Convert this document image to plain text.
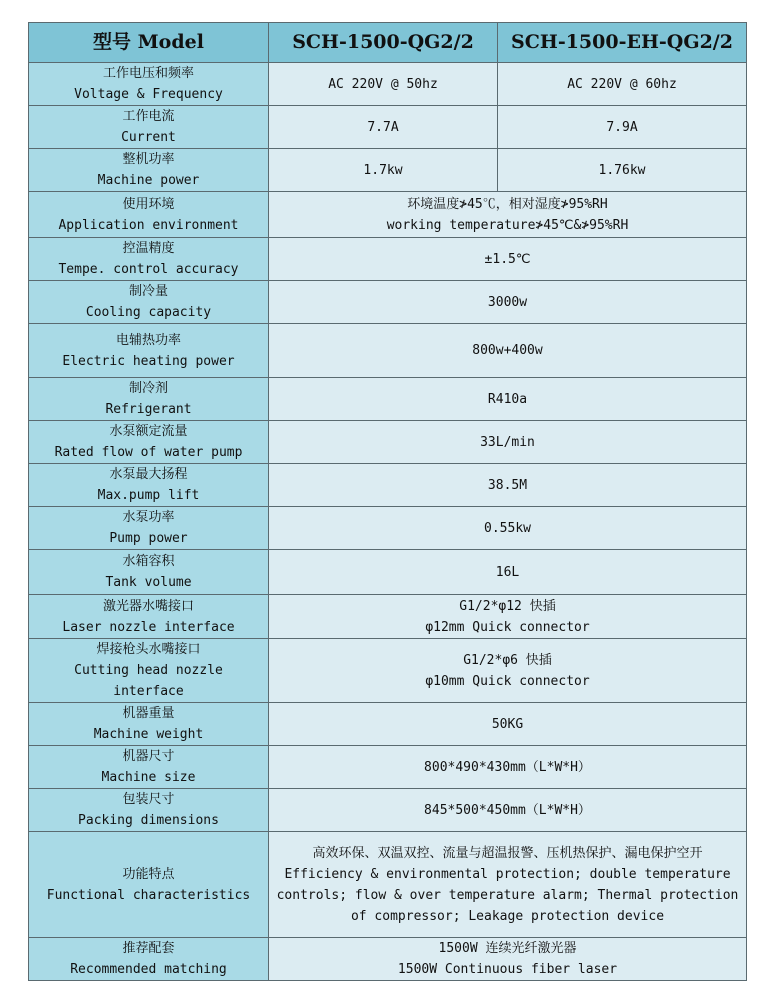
型号 Model	SCH-1500-QG2/2	SCH-1500-EH-QG2/2

工作电压和频率
Voltage & Frequency	AC 220V @ 50hz	AC 220V @ 60hz

工作电流
Current	7.7A	7.9A

整机功率
Machine power	1.7kw	1.76kw

使用环境
Application environment	环境温度≯45℃，相对湿度≯95%RH
working temperature≯45℃&≯95%RH	

控温精度
Tempe. control accuracy	±1.5℃	

制冷量
Cooling capacity	3000w	

电辅热功率
Electric heating power	800w+400w	

制冷剂
Refrigerant	R410a	

水泵额定流量
Rated flow of water pump	33L/min	

水泵最大扬程
Max.pump lift	38.5M	

水泵功率
Pump power	0.55kw	

水箱容积
Tank volume	16L	

激光器水嘴接口
Laser nozzle interface	G1/2*φ12 快插
φ12mm Quick connector	

焊接枪头水嘴接口
Cutting head nozzle interface	G1/2*φ6 快插
φ10mm Quick connector	

机器重量
Machine weight	50KG	

机器尺寸
Machine size	800*490*430mm（L*W*H）	

包装尺寸
Packing dimensions	845*500*450mm（L*W*H）	

功能特点
Functional characteristics	高效环保、双温双控、流量与超温报警、压机热保护、漏电保护空开 Efficiency & environmental protection; double temperature controls; flow & over temperature alarm; Thermal protection of compressor; Leakage protection device	

推荐配套
Recommended matching	1500W 连续光纤激光器
1500W Continuous fiber laser	
